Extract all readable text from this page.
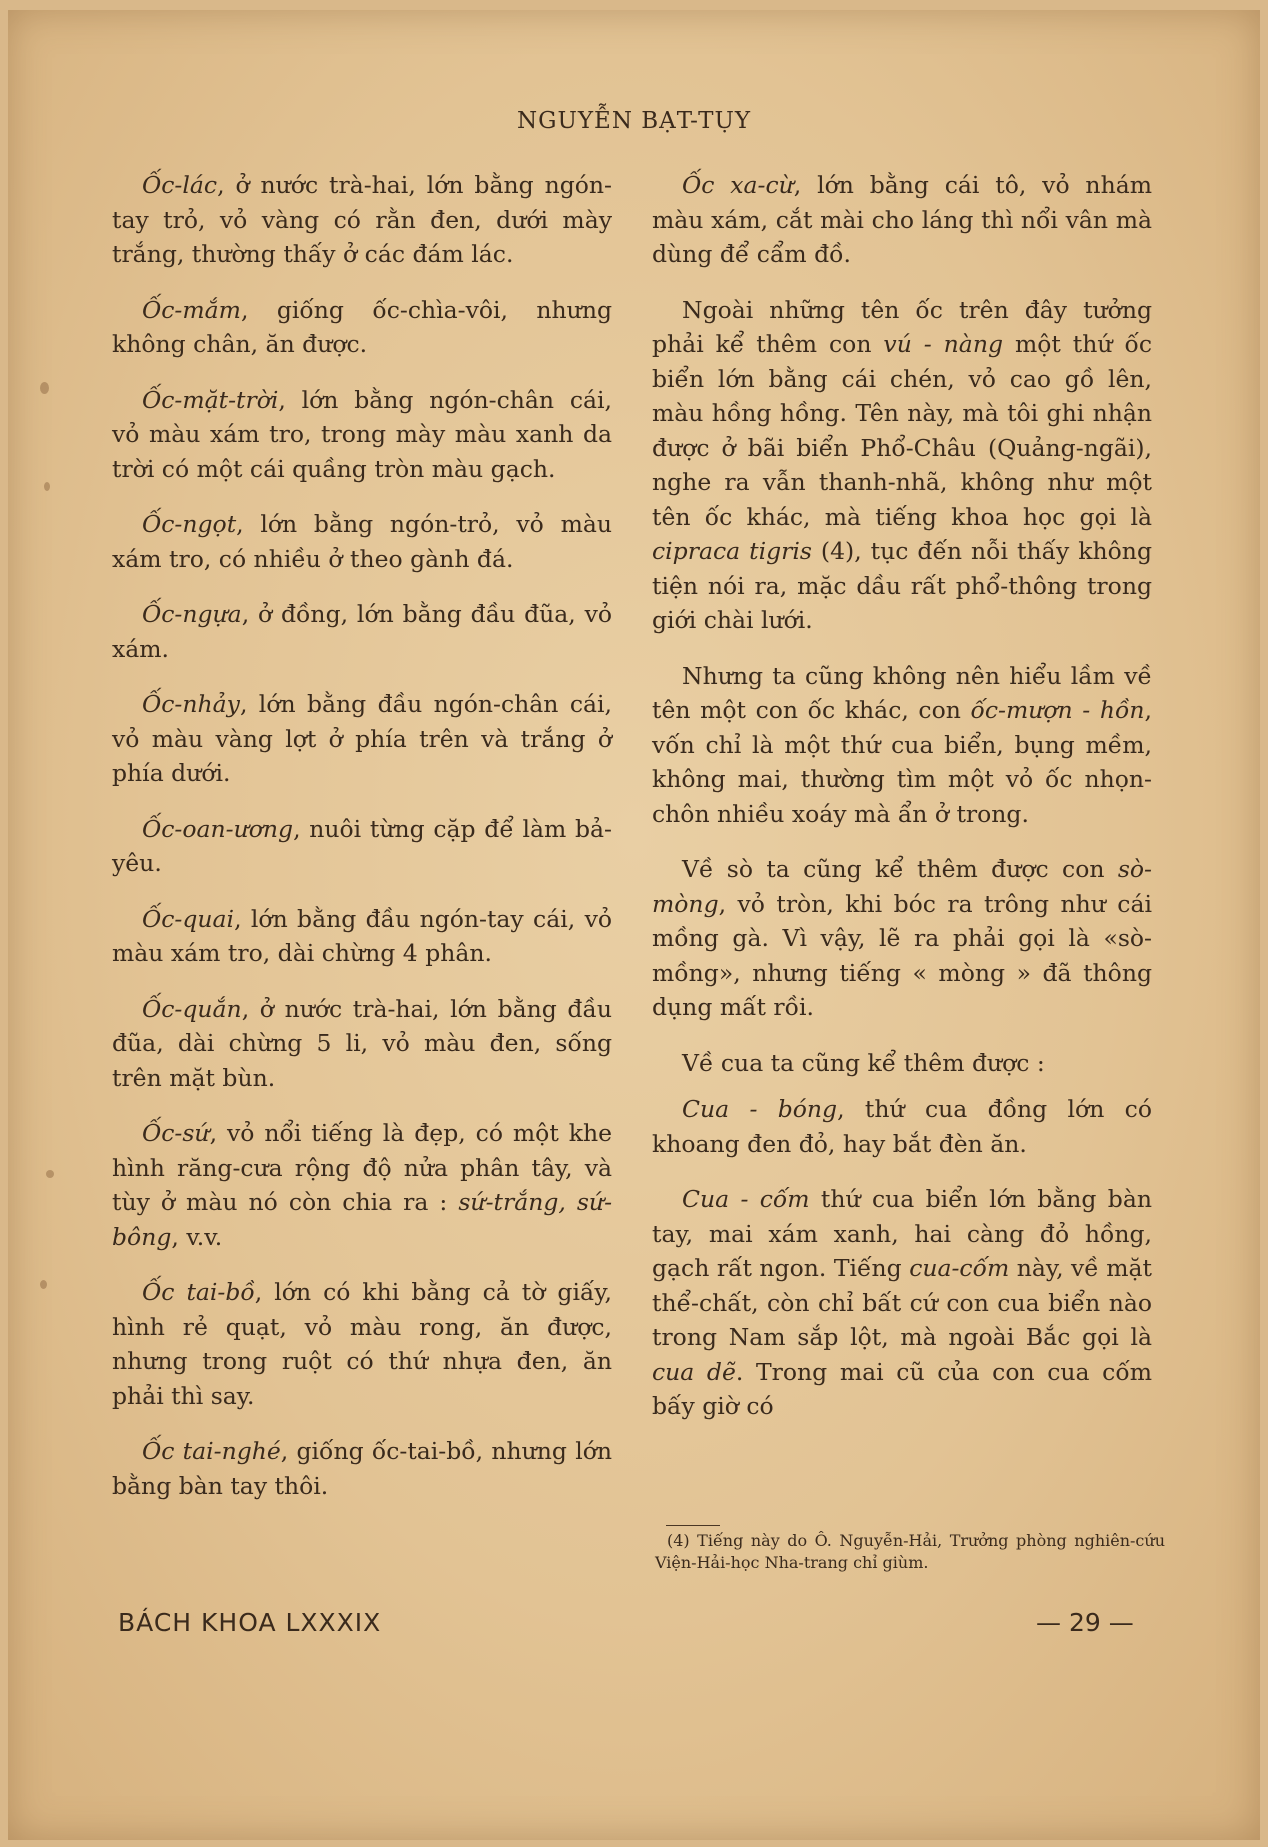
NGUYỄN BẠT-TỤY

Ốc-lác, ở nước trà-hai, lớn bằng ngón-tay trỏ, vỏ vàng có rằn đen, dưới mày trắng, thường thấy ở các đám lác.

Ốc-mắm, giống ốc-chìa-vôi, nhưng không chân, ăn được.

Ốc-mặt-trời, lớn bằng ngón-chân cái, vỏ màu xám tro, trong mày màu xanh da trời có một cái quầng tròn màu gạch.

Ốc-ngọt, lớn bằng ngón-trỏ, vỏ màu xám tro, có nhiều ở theo gành đá.

Ốc-ngựa, ở đồng, lớn bằng đầu đũa, vỏ xám.

Ốc-nhảy, lớn bằng đầu ngón-chân cái, vỏ màu vàng lợt ở phía trên và trắng ở phía dưới.

Ốc-oan-ương, nuôi từng cặp để làm bả-yêu.

Ốc-quai, lớn bằng đầu ngón-tay cái, vỏ màu xám tro, dài chừng 4 phân.

Ốc-quắn, ở nước trà-hai, lớn bằng đầu đũa, dài chừng 5 li, vỏ màu đen, sống trên mặt bùn.

Ốc-sứ, vỏ nổi tiếng là đẹp, có một khe hình răng-cưa rộng độ nửa phân tây, và tùy ở màu nó còn chia ra : sứ-trắng, sứ-bông, v.v.

Ốc tai-bồ, lớn có khi bằng cả tờ giấy, hình rẻ quạt, vỏ màu rong, ăn được, nhưng trong ruột có thứ nhựa đen, ăn phải thì say.

Ốc tai-nghé, giống ốc-tai-bồ, nhưng lớn bằng bàn tay thôi.

Ốc xa-cừ, lớn bằng cái tô, vỏ nhám màu xám, cắt mài cho láng thì nổi vân mà dùng để cẩm đồ.

Ngoài những tên ốc trên đây tưởng phải kể thêm con vú - nàng một thứ ốc biển lớn bằng cái chén, vỏ cao gồ lên, màu hồng hồng. Tên này, mà tôi ghi nhận được ở bãi biển Phổ-Châu (Quảng-ngãi), nghe ra vẫn thanh-nhã, không như một tên ốc khác, mà tiếng khoa học gọi là cipraca tigris (4), tục đến nỗi thấy không tiện nói ra, mặc dầu rất phổ-thông trong giới chài lưới.

Nhưng ta cũng không nên hiểu lầm về tên một con ốc khác, con ốc-mượn - hồn, vốn chỉ là một thứ cua biển, bụng mềm, không mai, thường tìm một vỏ ốc nhọn-chôn nhiều xoáy mà ẩn ở trong.

Về sò ta cũng kể thêm được con sò-mòng, vỏ tròn, khi bóc ra trông như cái mồng gà. Vì vậy, lẽ ra phải gọi là «sò-mồng», nhưng tiếng « mòng » đã thông dụng mất rồi.

Về cua ta cũng kể thêm được :

Cua - bóng, thứ cua đồng lớn có khoang đen đỏ, hay bắt đèn ăn.

Cua - cốm thứ cua biển lớn bằng bàn tay, mai xám xanh, hai càng đỏ hồng, gạch rất ngon. Tiếng cua-cốm này, về mặt thể-chất, còn chỉ bất cứ con cua biển nào trong Nam sắp lột, mà ngoài Bắc gọi là cua dẽ. Trong mai cũ của con cua cốm bấy giờ có

(4) Tiếng này do Ô. Nguyễn-Hải, Trưởng phòng nghiên-cứu Viện-Hải-học Nha-trang chỉ giùm.
BÁCH KHOA LXXXIX	— 29 —
